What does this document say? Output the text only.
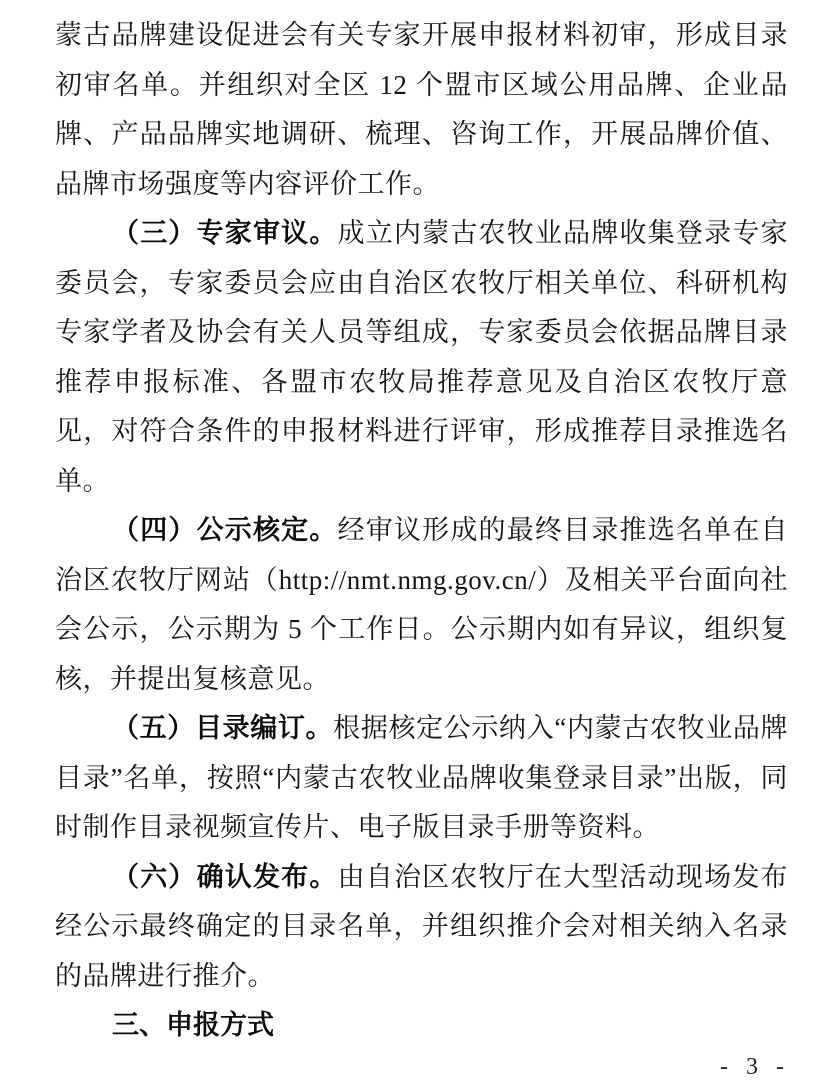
蒙古品牌建设促进会有关专家开展申报材料初审，形成目录初审名单。并组织对全区 12 个盟市区域公用品牌、企业品牌、产品品牌实地调研、梳理、咨询工作，开展品牌价值、品牌市场强度等内容评价工作。

（三）专家审议。成立内蒙古农牧业品牌收集登录专家委员会，专家委员会应由自治区农牧厅相关单位、科研机构专家学者及协会有关人员等组成，专家委员会依据品牌目录推荐申报标准、各盟市农牧局推荐意见及自治区农牧厅意见，对符合条件的申报材料进行评审，形成推荐目录推选名单。

（四）公示核定。经审议形成的最终目录推选名单在自治区农牧厅网站（http://nmt.nmg.gov.cn/）及相关平台面向社会公示，公示期为 5 个工作日。公示期内如有异议，组织复核，并提出复核意见。

（五）目录编订。根据核定公示纳入“内蒙古农牧业品牌目录”名单，按照“内蒙古农牧业品牌收集登录目录”出版，同时制作目录视频宣传片、电子版目录手册等资料。

（六）确认发布。由自治区农牧厅在大型活动现场发布经公示最终确定的目录名单，并组织推介会对相关纳入名录的品牌进行推介。

三、申报方式

- 3 -
